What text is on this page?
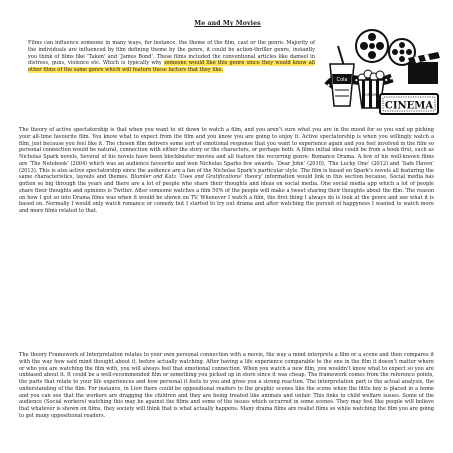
Me and My Movies

Films can influence someone in many ways, for instance, the theme of the film, cast or the genre. Majority of the individuals are influenced by film defining theme by the genre, it could be action-thriller genre, instantly you think of films like ‘Taken’ and ‘James Bond’. These films included the conventional articles like damsel in distress, guns, violence etc. Which is typically why someone would like this genre since they would know all other films of the same genre which will feature these factors that they like.

Cola
POPCORN
CINEMA

The theory of active spectatorship is that when you want to sit down to watch a film, and you aren’t sure what you are in the mood for so you end up picking your all-time favourite film. You know what to expect from the film and you know you are going to enjoy it. Active spectatorship is when you willingly watch a film, just because you feel like it. The chosen film delivers some sort of emotional response that you want to experience again and you feel involved in the film so personal connection would be natural, connection with either the story or the characters, or perhaps both. A films initial idea could be from a book first, such as Nicholas Spark novels, Several of his novels have been blockbuster movies and all feature the recurring genre- Romance Drama. A few of his well-known films are ‘The Notebook’ (2004) which was an audience favourite and won Nicholas Sparks few awards. ‘Dear John’ (2010), ‘The Lucky One’ (2012) and ‘Safe Haven’ (2013). This is also active spectatorship since the audience are a fan of the Nicholas Spark’s particular style. The film is based on Spark’s novels all featuring the same characteristics, layouts and themes. Blumler and Katz ‘Uses and Gratifications’ theory’ information would link in this section because, Social media has gotten so big through the years and there are a lot of people who share their thoughts and ideas on social media. One social media app which a lot of people share their thoughts and opinions is Twitter. After someone watches a film 50% of the people will make a tweet sharing their thoughts about the film. The reason on how I got so into Drama films was when it would be shown on TV. Whenever I watch a film, the first thing I always do is look at the genre and see what it is based on. Normally I would only watch romance or comedy but I started to try out drama and after watching the pursuit of happyness I wanted to watch more and more films related to that.

The theory Framework of Interpretation relates to your own personal connection with a movie, the way a mind interprets a film or a scene and then compares it with the way how said mind thought about it, before actually watching. After having a life experience comparable to the one in the film it doesn’t matter where or who you are watching the film with, you will always feel that emotional connection. When you watch a new film, you wouldn’t know what to expect so you are unbiased about it. It could be a well-recommended film or something you picked up in store since it was cheap. The framework comes from the reference points, the parts that relate to your life experiences and how personal it feels to you and gives you a strong reaction. The interpretation part is the actual analysis, the understanding of the film. For instance, in Lion there could be oppositional readers to the graphic scenes like the scene when the little boy is placed in a home and you can see that the workers are dragging the children and they are being treated like animals and unfair. This links to child welfare issues. Some of the audience (Social workers) watching this may be against the films and some of the issues which occurred in some scenes. They may feel like people will believe that whatever is shown on films, they society will think that is what actually happens. Many drama films are realist films so while watching the film you are going to get many oppositional readers.
